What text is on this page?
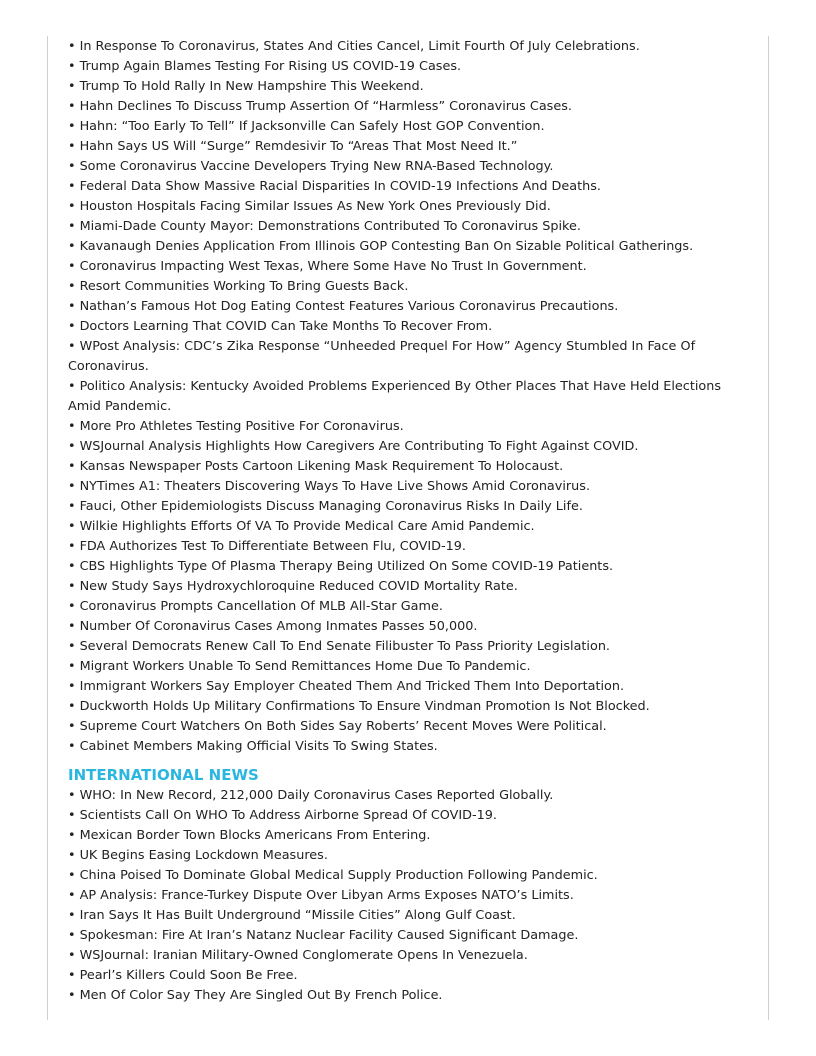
• In Response To Coronavirus, States And Cities Cancel, Limit Fourth Of July Celebrations.
• Trump Again Blames Testing For Rising US COVID-19 Cases.
• Trump To Hold Rally In New Hampshire This Weekend.
• Hahn Declines To Discuss Trump Assertion Of “Harmless” Coronavirus Cases.
• Hahn: “Too Early To Tell” If Jacksonville Can Safely Host GOP Convention.
• Hahn Says US Will “Surge” Remdesivir To “Areas That Most Need It.”
• Some Coronavirus Vaccine Developers Trying New RNA-Based Technology.
• Federal Data Show Massive Racial Disparities In COVID-19 Infections And Deaths.
• Houston Hospitals Facing Similar Issues As New York Ones Previously Did.
• Miami-Dade County Mayor: Demonstrations Contributed To Coronavirus Spike.
• Kavanaugh Denies Application From Illinois GOP Contesting Ban On Sizable Political Gatherings.
• Coronavirus Impacting West Texas, Where Some Have No Trust In Government.
• Resort Communities Working To Bring Guests Back.
• Nathan’s Famous Hot Dog Eating Contest Features Various Coronavirus Precautions.
• Doctors Learning That COVID Can Take Months To Recover From.
• WPost Analysis: CDC’s Zika Response “Unheeded Prequel For How” Agency Stumbled In Face Of Coronavirus.
• Politico Analysis: Kentucky Avoided Problems Experienced By Other Places That Have Held Elections Amid Pandemic.
• More Pro Athletes Testing Positive For Coronavirus.
• WSJournal Analysis Highlights How Caregivers Are Contributing To Fight Against COVID.
• Kansas Newspaper Posts Cartoon Likening Mask Requirement To Holocaust.
• NYTimes A1: Theaters Discovering Ways To Have Live Shows Amid Coronavirus.
• Fauci, Other Epidemiologists Discuss Managing Coronavirus Risks In Daily Life.
• Wilkie Highlights Efforts Of VA To Provide Medical Care Amid Pandemic.
• FDA Authorizes Test To Differentiate Between Flu, COVID-19.
• CBS Highlights Type Of Plasma Therapy Being Utilized On Some COVID-19 Patients.
• New Study Says Hydroxychloroquine Reduced COVID Mortality Rate.
• Coronavirus Prompts Cancellation Of MLB All-Star Game.
• Number Of Coronavirus Cases Among Inmates Passes 50,000.
• Several Democrats Renew Call To End Senate Filibuster To Pass Priority Legislation.
• Migrant Workers Unable To Send Remittances Home Due To Pandemic.
• Immigrant Workers Say Employer Cheated Them And Tricked Them Into Deportation.
• Duckworth Holds Up Military Confirmations To Ensure Vindman Promotion Is Not Blocked.
• Supreme Court Watchers On Both Sides Say Roberts’ Recent Moves Were Political.
• Cabinet Members Making Official Visits To Swing States.
INTERNATIONAL NEWS
• WHO: In New Record, 212,000 Daily Coronavirus Cases Reported Globally.
• Scientists Call On WHO To Address Airborne Spread Of COVID-19.
• Mexican Border Town Blocks Americans From Entering.
• UK Begins Easing Lockdown Measures.
• China Poised To Dominate Global Medical Supply Production Following Pandemic.
• AP Analysis: France-Turkey Dispute Over Libyan Arms Exposes NATO’s Limits.
• Iran Says It Has Built Underground “Missile Cities” Along Gulf Coast.
• Spokesman: Fire At Iran’s Natanz Nuclear Facility Caused Significant Damage.
• WSJournal: Iranian Military-Owned Conglomerate Opens In Venezuela.
• Pearl’s Killers Could Soon Be Free.
• Men Of Color Say They Are Singled Out By French Police.
